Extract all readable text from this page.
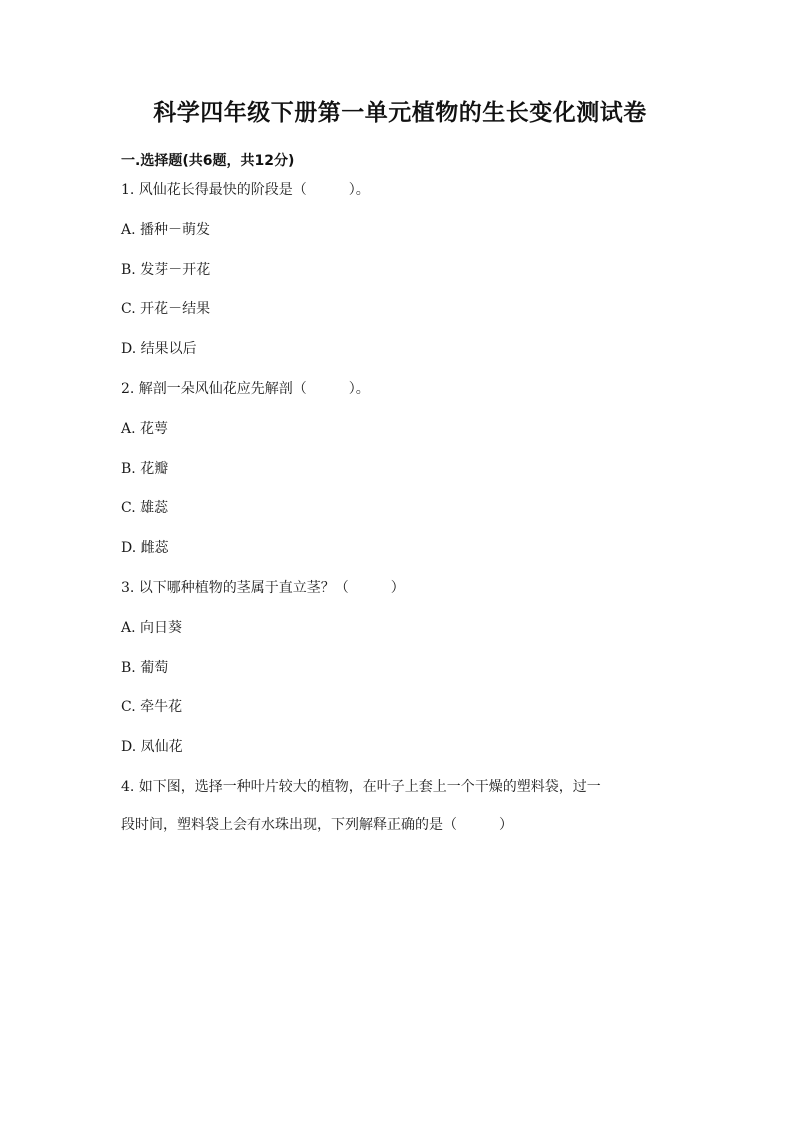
科学四年级下册第一单元植物的生长变化测试卷
一.选择题(共6题，共12分)
1. 风仙花长得最快的阶段是（　　　）。
A. 播种－萌发
B. 发芽－开花
C. 开花－结果
D. 结果以后
2. 解剖一朵风仙花应先解剖（　　　）。
A. 花萼
B. 花瓣
C. 雄蕊
D. 雌蕊
3. 以下哪种植物的茎属于直立茎？（　　　）
A. 向日葵
B. 葡萄
C. 牵牛花
D. 凤仙花
4. 如下图，选择一种叶片较大的植物，在叶子上套上一个干燥的塑料袋，过一
段时间，塑料袋上会有水珠出现，下列解释正确的是（　　　）
